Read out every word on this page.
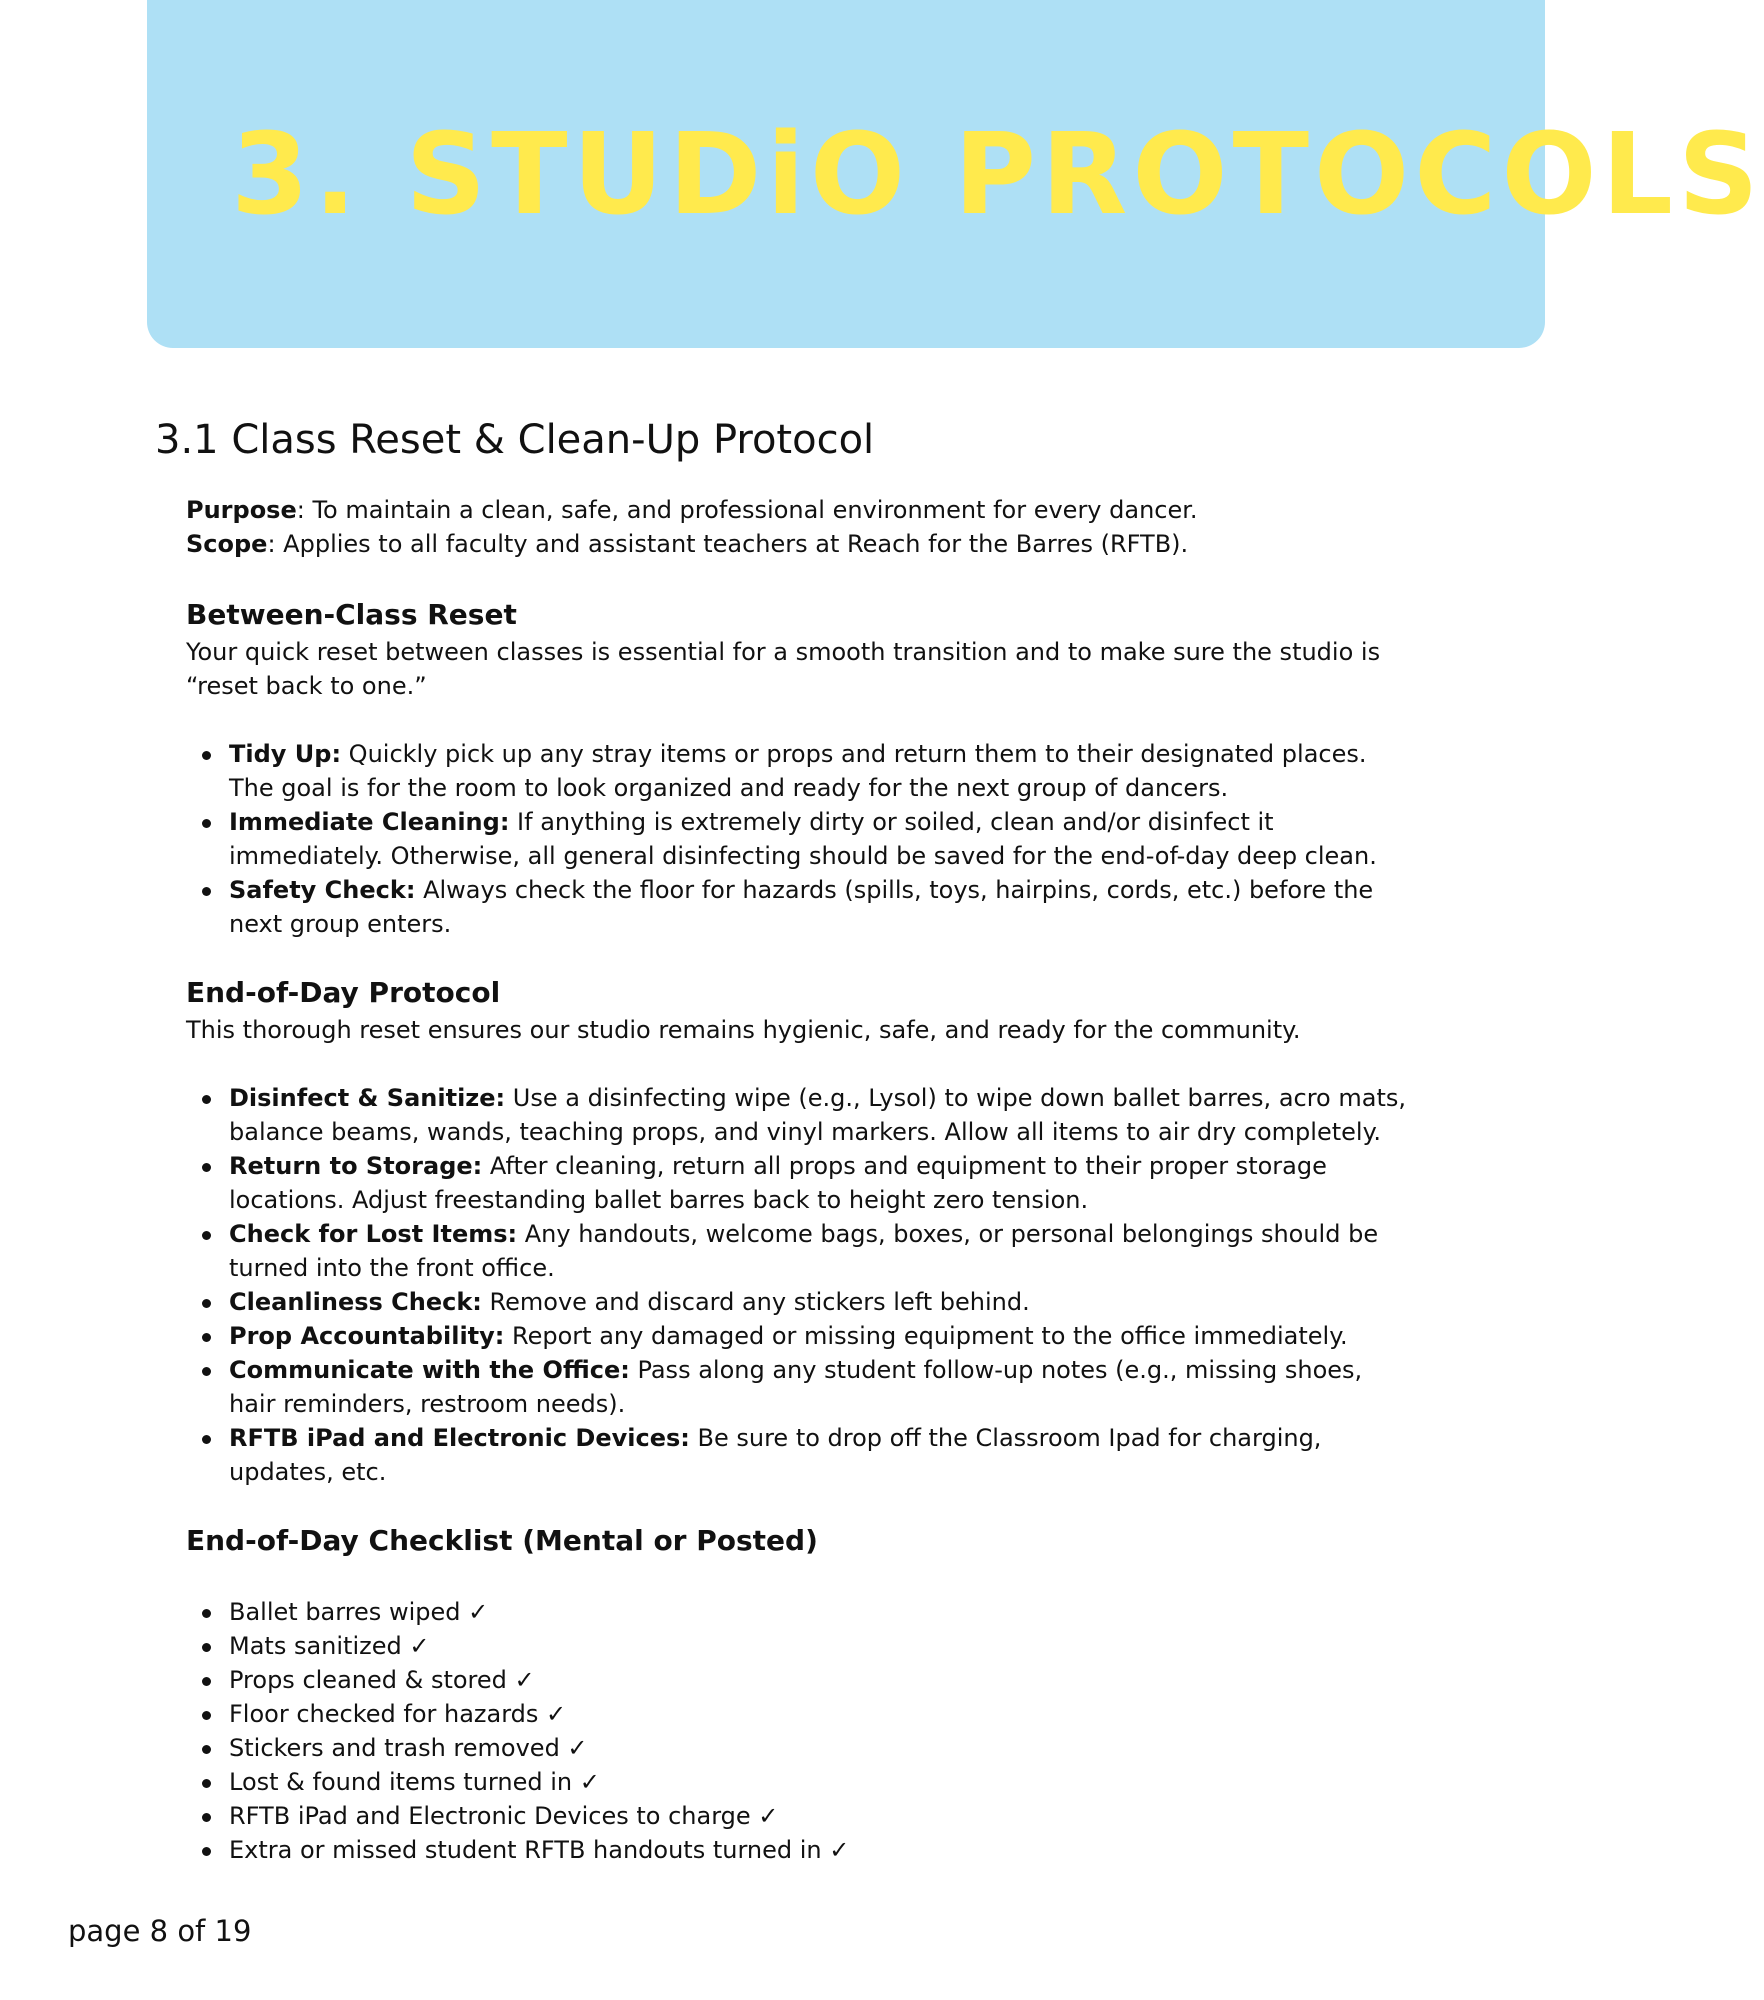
3. STUDiO PROTOCOLS
3.1 Class Reset & Clean-Up Protocol

Purpose: To maintain a clean, safe, and professional environment for every dancer.

Scope: Applies to all faculty and assistant teachers at Reach for the Barres (RFTB).

Between-Class Reset

Your quick reset between classes is essential for a smooth transition and to make sure the studio is “reset back to one.”

Tidy Up: Quickly pick up any stray items or props and return them to their designated places. The goal is for the room to look organized and ready for the next group of dancers.
Immediate Cleaning: If anything is extremely dirty or soiled, clean and/or disinfect it immediately. Otherwise, all general disinfecting should be saved for the end-of-day deep clean.
Safety Check: Always check the floor for hazards (spills, toys, hairpins, cords, etc.) before the next group enters.
End-of-Day Protocol

This thorough reset ensures our studio remains hygienic, safe, and ready for the community.

Disinfect & Sanitize: Use a disinfecting wipe (e.g., Lysol) to wipe down ballet barres, acro mats, balance beams, wands, teaching props, and vinyl markers. Allow all items to air dry completely.
Return to Storage: After cleaning, return all props and equipment to their proper storage locations. Adjust freestanding ballet barres back to height zero tension.
Check for Lost Items: Any handouts, welcome bags, boxes, or personal belongings should be turned into the front office.
Cleanliness Check: Remove and discard any stickers left behind.
Prop Accountability: Report any damaged or missing equipment to the office immediately.
Communicate with the Office: Pass along any student follow-up notes (e.g., missing shoes, hair reminders, restroom needs).
RFTB iPad and Electronic Devices: Be sure to drop off the Classroom Ipad for charging, updates, etc.
End-of-Day Checklist (Mental or Posted)
Ballet barres wiped ✓
Mats sanitized ✓
Props cleaned & stored ✓
Floor checked for hazards ✓
Stickers and trash removed ✓
Lost & found items turned in ✓
RFTB iPad and Electronic Devices to charge ✓
Extra or missed student RFTB handouts turned in ✓

page 8 of 19
